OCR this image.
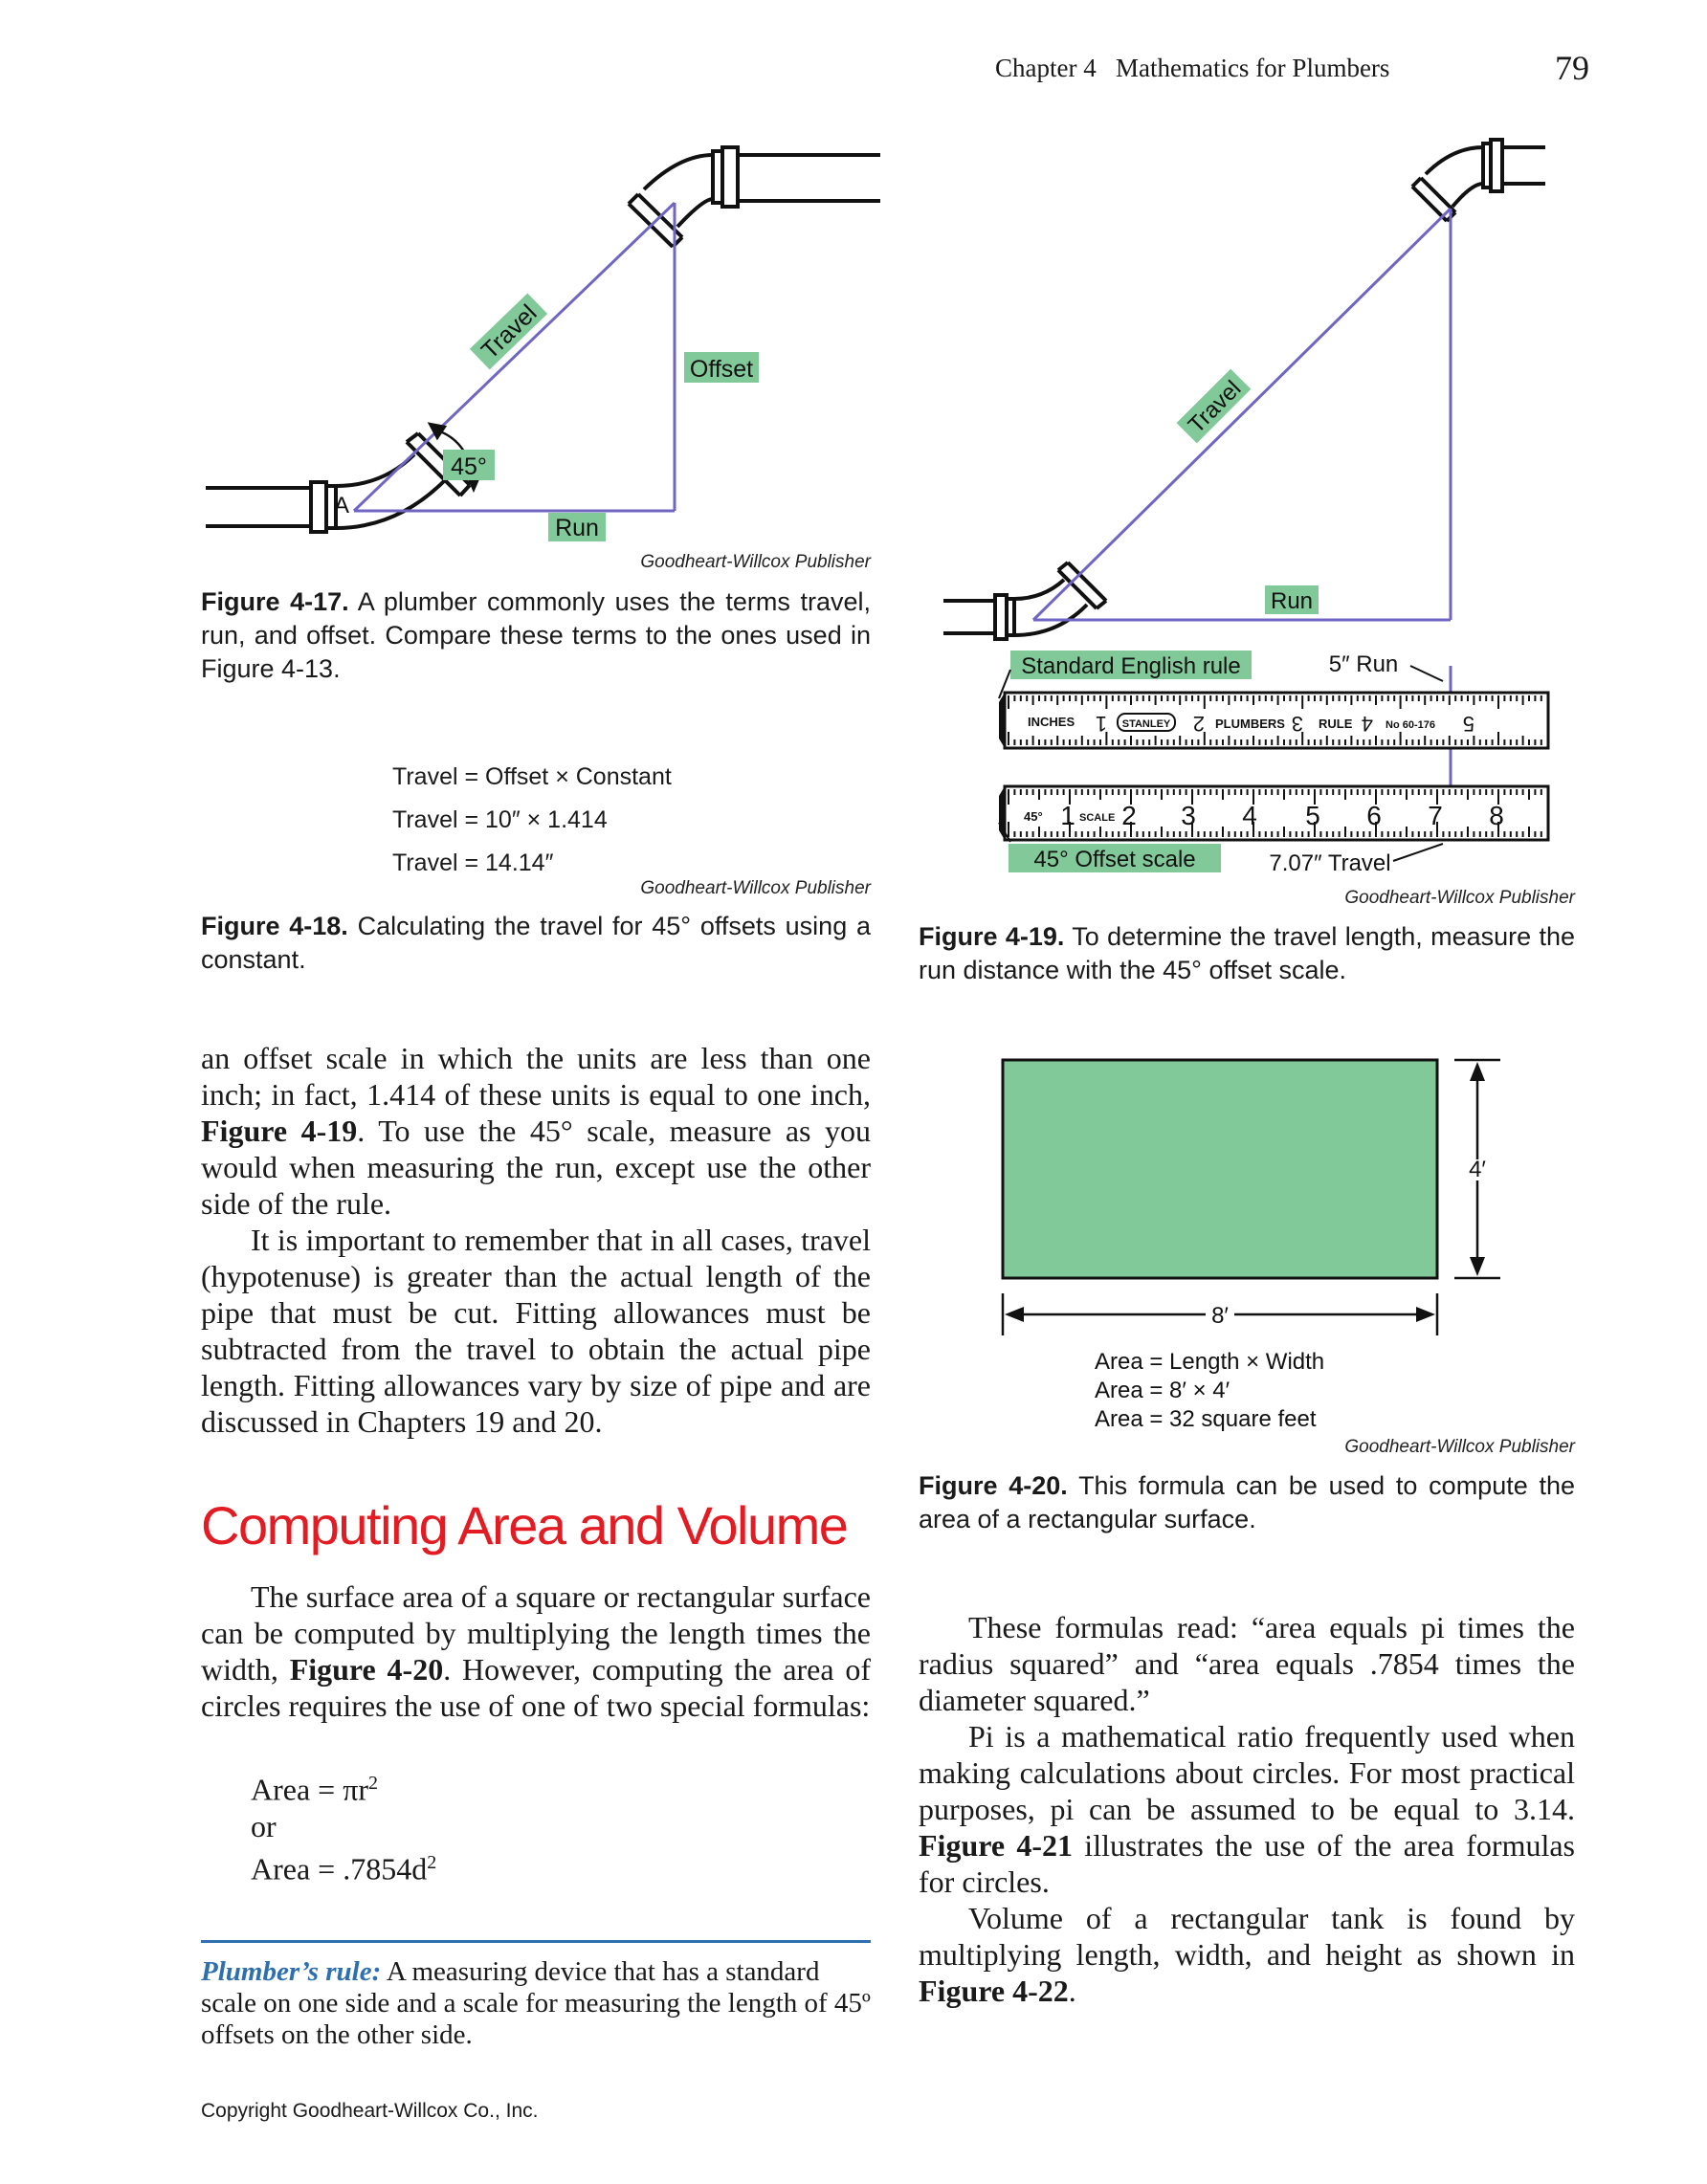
Chapter 4 Mathematics for Plumbers	79
Travel
Offset
45°
A
Run
Goodheart-Willcox Publisher
Figure 4-17. A plumber commonly uses the terms travel, run, and offset. Compare these terms to the ones used in Figure 4-13.
Travel = Offset × Constant
Travel = 10″ × 1.414
Travel = 14.14″
Goodheart-Willcox Publisher
Figure 4-18. Calculating the travel for 45° offsets using a constant.
Travel
Run
Standard English rule	5″ Run
INCHES	STANLEY	PLUMBERS	RULE	No 60-176
1	2	3	4	5
45°	SCALE
1 2 3 4 5 6 7 8
45° Offset scale	7.07″ Travel
Goodheart-Willcox Publisher
Figure 4-19. To determine the travel length, measure the run distance with the 45° offset scale.
4′
8′
Area = Length × Width
Area = 8′ × 4′
Area = 32 square feet
Goodheart-Willcox Publisher
Figure 4-20. This formula can be used to compute the area of a rectangular surface.

an offset scale in which the units are less than one inch; in fact, 1.414 of these units is equal to one inch, Figure 4-19. To use the 45° scale, measure as you would when measuring the run, except use the other side of the rule.

It is important to remember that in all cases, travel (hypotenuse) is greater than the actual length of the pipe that must be cut. Fitting allowances must be subtracted from the travel to obtain the actual pipe length. Fitting allowances vary by size of pipe and are discussed in Chapters 19 and 20.

Computing Area and Volume

The surface area of a square or rectangular surface can be computed by multiplying the length times the width, Figure 4-20. However, computing the area of circles requires the use of one of two special formulas:

Area = $\pi r^2$
or
Area = $.7854d^2$
Plumber’s rule: A measuring device that has a standard scale on one side and a scale for measuring the length of 45º offsets on the other side.

These formulas read: “area equals pi times the radius squared” and “area equals .7854 times the diameter squared.”

Pi is a mathematical ratio frequently used when making calculations about circles. For most practical purposes, pi can be assumed to be equal to 3.14. Figure 4-21 illustrates the use of the area formulas for circles.

Volume of a rectangular tank is found by multiplying length, width, and height as shown in Figure 4-22.

Copyright Goodheart-Willcox Co., Inc.
